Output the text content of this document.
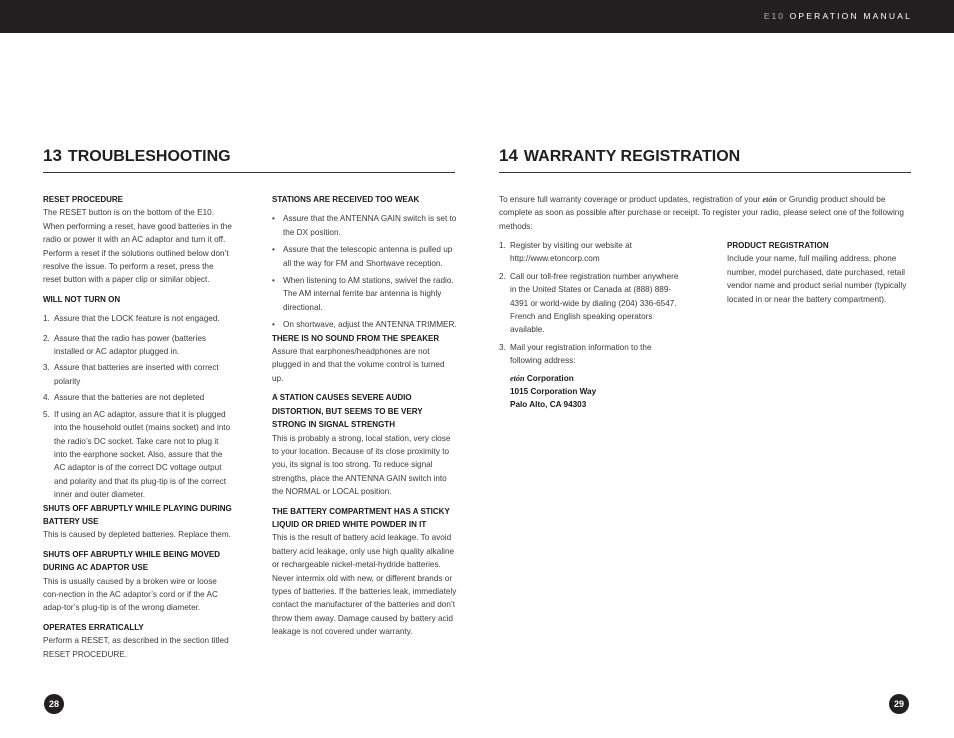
E10 OPERATION MANUAL
13 TROUBLESHOOTING	14 WARRANTY REGISTRATION
RESET PROCEDURE

The RESET button is on the bottom of the E10. When performing a reset, have good batteries in the radio or power it with an AC adaptor and turn it off. Perform a reset if the solutions outlined below don’t resolve the issue. To perform a reset, press the reset button with a paper clip or similar object.

WILL NOT TURN ON
1. Assure that the LOCK feature is not engaged.
2. Assure that the radio has power (batteries installed or AC adaptor plugged in.
3. Assure that batteries are inserted with correct polarity
4. Assure that the batteries are not depleted
5. If using an AC adaptor, assure that it is plugged into the household outlet (mains socket) and into the radio’s DC socket. Take care not to plug it into the earphone socket. Also, assure that the AC adaptor is of the correct DC voltage output and polarity and that its plug-tip is of the correct inner and outer diameter.
SHUTS OFF ABRUPTLY WHILE PLAYING DURING BATTERY USE

This is caused by depleted batteries. Replace them.

SHUTS OFF ABRUPTLY WHILE BEING MOVED DURING AC ADAPTOR USE

This is usually caused by a broken wire or loose con-nection in the AC adaptor’s cord or if the AC adap-tor’s plug-tip is of the wrong diameter.

OPERATES ERRATICALLY

Perform a RESET, as described in the section titled RESET PROCEDURE.

STATIONS ARE RECEIVED TOO WEAK
• Assure that the ANTENNA GAIN switch is set to the DX position.
• Assure that the telescopic antenna is pulled up all the way for FM and Shortwave reception.
• When listening to AM stations, swivel the radio. The AM internal ferrite bar antenna is highly directional.
• On shortwave, adjust the ANTENNA TRIMMER.
THERE IS NO SOUND FROM THE SPEAKER

Assure that earphones/headphones are not plugged in and that the volume control is turned up.

A STATION CAUSES SEVERE AUDIO DISTORTION, BUT SEEMS TO BE VERY STRONG IN SIGNAL STRENGTH

This is probably a strong, local station, very close to your location. Because of its close proximity to you, its signal is too strong. To reduce signal strengths, place the ANTENNA GAIN switch into the NORMAL or LOCAL position.

THE BATTERY COMPARTMENT HAS A STICKY LIQUID OR DRIED WHITE POWDER IN IT

This is the result of battery acid leakage. To avoid battery acid leakage, only use high quality alkaline or rechargeable nickel-metal-hydride batteries. Never intermix old with new, or different brands or types of batteries. If the batteries leak, immediately contact the manufacturer of the batteries and don’t throw them away. Damage caused by battery acid leakage is not covered under warranty.

To ensure full warranty coverage or product updates, registration of your etón or Grundig product should be complete as soon as possible after purchase or receipt. To register your radio, please select one of the following methods:

1. Register by visiting our website at http://www.etoncorp.com
2. Call our toll-free registration number anywhere in the United States or Canada at (888) 889-4391 or world-wide by dialing (204) 336-6547. French and English speaking operators available.
3. Mail your registration information to the following address:
etón Corporation
1015 Corporation Way
Palo Alto, CA 94303
PRODUCT REGISTRATION

Include your name, full mailing address, phone number, model purchased, date purchased, retail vendor name and product serial number (typically located in or near the battery compartment).

28	29
